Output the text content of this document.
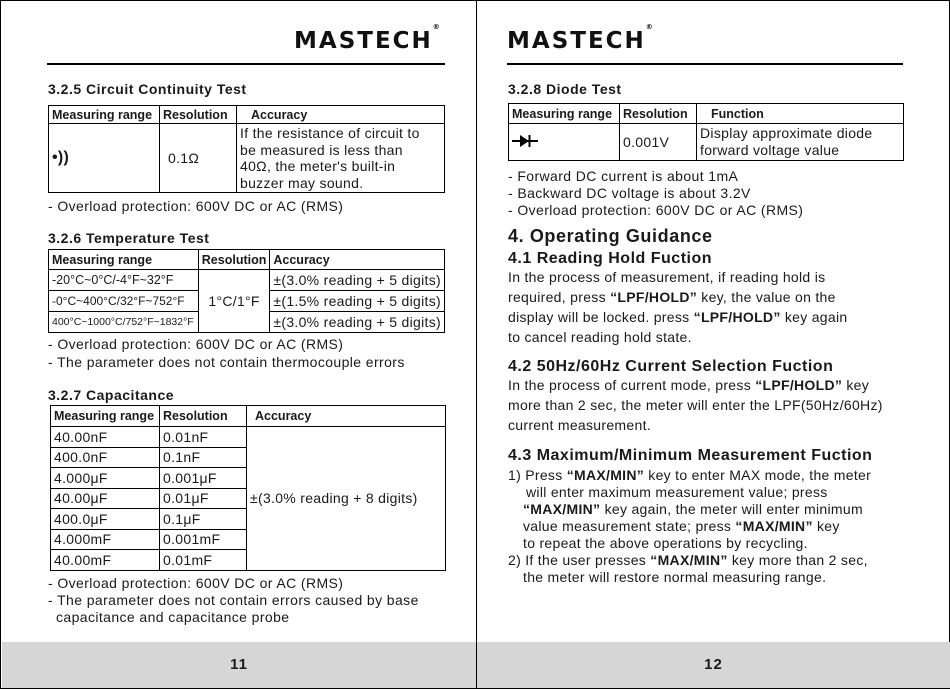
MASTECH®
3.2.5 Circuit Continuity Test
Measuring range	Resolution	Accuracy
•))	0.1Ω	If the resistance of circuit to
be measured is less than
40Ω, the meter's built-in
buzzer may sound.
- Overload protection: 600V DC or AC (RMS)
3.2.6 Temperature Test
Measuring range	Resolution	Accuracy
-20°C~0°C/-4°F~32°F	1°C/1°F	±(3.0% reading + 5 digits)
-0°C~400°C/32°F~752°F		±(1.5% reading + 5 digits)
400°C~1000°C/752°F~1832°F		±(3.0% reading + 5 digits)
- Overload protection: 600V DC or AC (RMS)
- The parameter does not contain thermocouple errors
3.2.7 Capacitance
Measuring range	Resolution	Accuracy
40.00nF	0.01nF	±(3.0% reading + 8 digits)
400.0nF	0.1nF	
4.000μF	0.001μF	
40.00μF	0.01μF	
400.0μF	0.1μF	
4.000mF	0.001mF	
40.00mF	0.01mF	
- Overload protection: 600V DC or AC (RMS)
- The parameter does not contain errors caused by base
capacitance and capacitance probe
11
MASTECH®
3.2.8 Diode Test
Measuring range	Resolution	Function
	0.001V	Display approximate diode
forward voltage value
- Forward DC current is about 1mA
- Backward DC voltage is about 3.2V
- Overload protection: 600V DC or AC (RMS)
4. Operating Guidance
4.1 Reading Hold Fuction

In the process of measurement, if reading hold is

required, press “LPF/HOLD” key, the value on the

display will be locked. press “LPF/HOLD” key again

to cancel reading hold state.

4.2 50Hz/60Hz Current Selection Fuction

In the process of current mode, press “LPF/HOLD” key

more than 2 sec, the meter will enter the LPF(50Hz/60Hz)

current measurement.

4.3 Maximum/Minimum Measurement Fuction

1) Press “MAX/MIN” key to enter MAX mode, the meter

will enter maximum measurement value; press

“MAX/MIN” key again, the meter will enter minimum

value measurement state; press “MAX/MIN” key

to repeat the above operations by recycling.

2) If the user presses “MAX/MIN” key more than 2 sec,

the meter will restore normal measuring range.

12
